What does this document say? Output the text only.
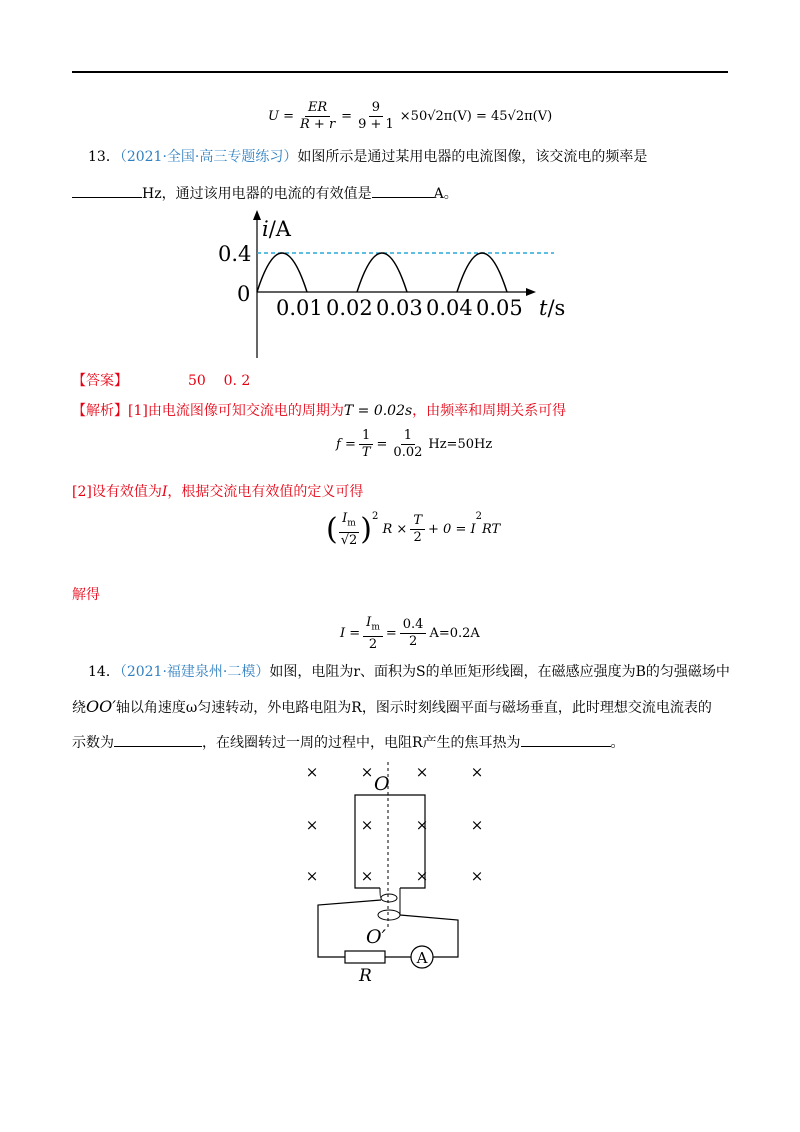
$U = \frac{ER}{R + r} = \frac{9}{9 + 1} \times 50√2\pi(V) = 45√2\pi(V)$
13．（2021·全国·高三专题练习）如图所示是通过某用电器的电流图像，该交流电的频率是
Hz，通过该用电器的电流的有效值是	A。
i/A
0.4
0
0.01 0.02 0.03 0.04 0.05 t/s
【答案】	50    0. 2
【解析】[1]由电流图像可知交流电的周期为T = 0.02s，由频率和周期关系可得
$f = \frac{1}{T} = \frac{1}{0.02} Hz=50Hz$
[2]设有效值为I，根据交流电有效值的定义可得
( $\frac{I_m}{√2} )^2$

$R \times \frac{T}{2} + 0 = I$
2
RT
解得
$I = \frac{I_m}{2} = \frac{0.4}{2} A=0.2A$
14．（2021·福建泉州·二模）如图，电阻为r、面积为S的单匝矩形线圈，在磁感应强度为B的匀强磁场中
绕OO′轴以角速度ω匀速转动，外电路电阻为R，图示时刻线圈平面与磁场垂直，此时理想交流电流表的
示数为	，在线圈转过一周的过程中，电阻R产生的焦耳热为	。
×	×	×	×
×	×	×	×
×	×	×	×
O
O′
A
R
